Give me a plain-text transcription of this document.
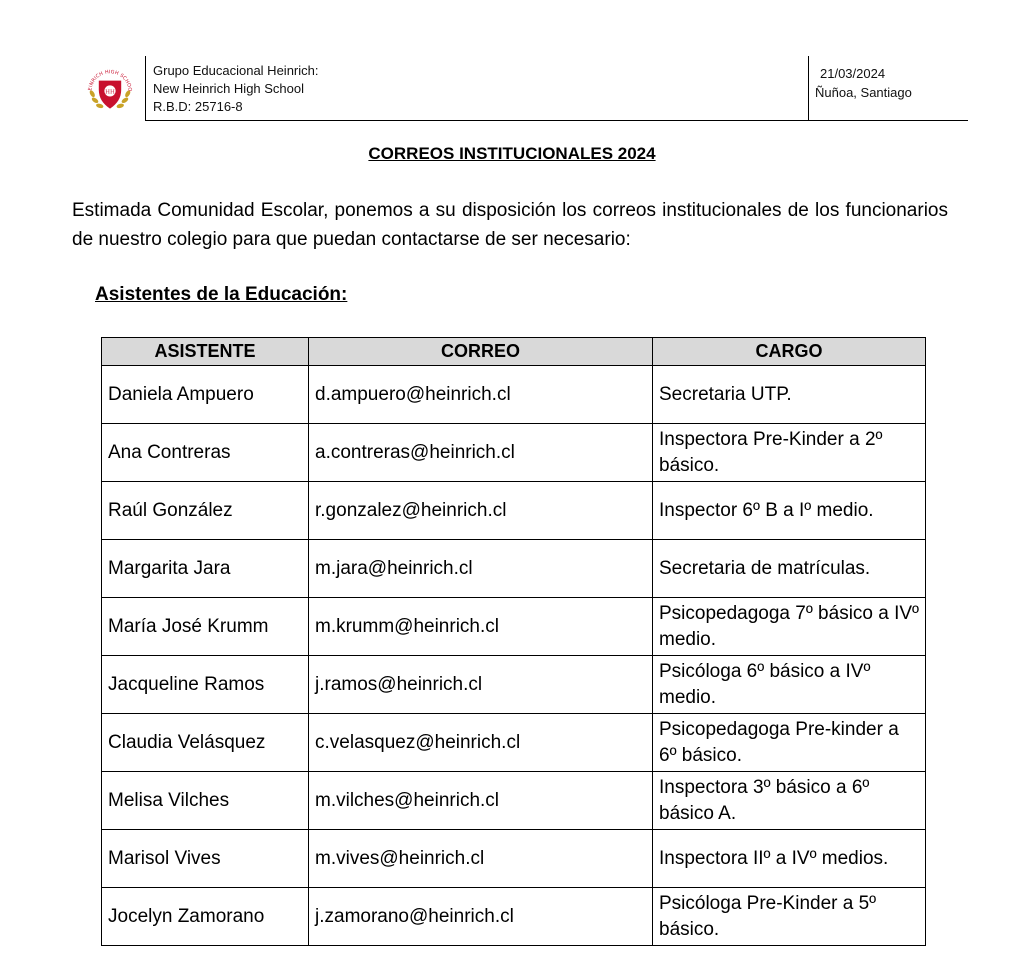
HH
EINRICH HIGH SCHOO
Grupo Educacional Heinrich:
New Heinrich High School
R.B.D: 25716-8
21/03/2024
Ñuñoa, Santiago
CORREOS INSTITUCIONALES 2024
Estimada Comunidad Escolar, ponemos a su disposición los correos institucionales de los funcionarios de nuestro colegio para que puedan contactarse de ser necesario:
Asistentes de la Educación:
ASISTENTE	CORREO	CARGO
Daniela Ampuero	d.ampuero@heinrich.cl	Secretaria UTP.
Ana Contreras	a.contreras@heinrich.cl	Inspectora Pre-Kinder a 2º básico.
Raúl González	r.gonzalez@heinrich.cl	Inspector 6º B a Iº medio.
Margarita Jara	m.jara@heinrich.cl	Secretaria de matrículas.
María José Krumm	m.krumm@heinrich.cl	Psicopedagoga 7º básico a IVº medio.
Jacqueline Ramos	j.ramos@heinrich.cl	Psicóloga 6º básico a IVº medio.
Claudia Velásquez	c.velasquez@heinrich.cl	Psicopedagoga Pre-kinder a 6º básico.
Melisa Vilches	m.vilches@heinrich.cl	Inspectora 3º básico a 6º básico A.
Marisol Vives	m.vives@heinrich.cl	Inspectora IIº a IVº medios.
Jocelyn Zamorano	j.zamorano@heinrich.cl	Psicóloga Pre-Kinder a 5º básico.
